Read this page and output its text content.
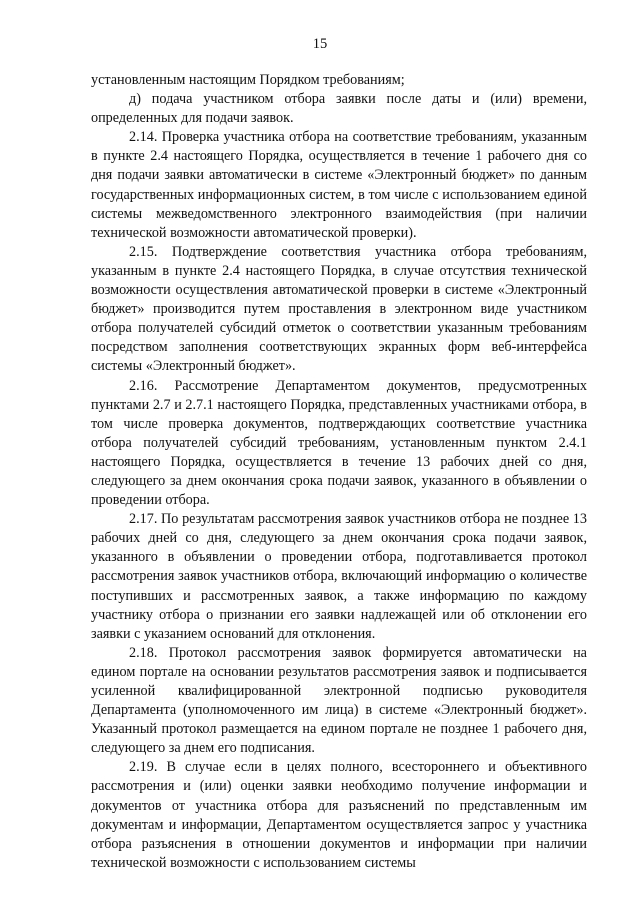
15

установленным настоящим Порядком требованиям;

д) подача участником отбора заявки после даты и (или) времени, определенных для подачи заявок.

2.14. Проверка участника отбора на соответствие требованиям, указанным в пункте 2.4 настоящего Порядка, осуществляется в течение 1 рабочего дня со дня подачи заявки автоматически в системе «Электронный бюджет» по данным государственных информационных систем, в том числе с использованием единой системы межведомственного электронного взаимодействия (при наличии технической возможности автоматической проверки).

2.15. Подтверждение соответствия участника отбора требованиям, указанным в пункте 2.4 настоящего Порядка, в случае отсутствия технической возможности осуществления автоматической проверки в системе «Электронный бюджет» производится путем проставления в электронном виде участником отбора получателей субсидий отметок о соответствии указанным требованиям посредством заполнения соответствующих экранных форм веб-интерфейса системы «Электронный бюджет».

2.16. Рассмотрение Департаментом документов, предусмотренных пунктами 2.7 и 2.7.1 настоящего Порядка, представленных участниками отбора, в том числе проверка документов, подтверждающих соответствие участника отбора получателей субсидий требованиям, установленным пунктом 2.4.1 настоящего Порядка, осуществляется в течение 13 рабочих дней со дня, следующего за днем окончания срока подачи заявок, указанного в объявлении о проведении отбора.

2.17. По результатам рассмотрения заявок участников отбора не позднее 13 рабочих дней со дня, следующего за днем окончания срока подачи заявок, указанного в объявлении о проведении отбора, подготавливается протокол рассмотрения заявок участников отбора, включающий информацию о количестве поступивших и рассмотренных заявок, а также информацию по каждому участнику отбора о признании его заявки надлежащей или об отклонении его заявки с указанием оснований для отклонения.

2.18. Протокол рассмотрения заявок формируется автоматически на едином портале на основании результатов рассмотрения заявок и подписывается усиленной квалифицированной электронной подписью руководителя Департамента (уполномоченного им лица) в системе «Электронный бюджет». Указанный протокол размещается на едином портале не позднее 1 рабочего дня, следующего за днем его подписания.

2.19. В случае если в целях полного, всестороннего и объективного рассмотрения и (или) оценки заявки необходимо получение информации и документов от участника отбора для разъяснений по представленным им документам и информации, Департаментом осуществляется запрос у участника отбора разъяснения в отношении документов и информации при наличии технической возможности с использованием системы
